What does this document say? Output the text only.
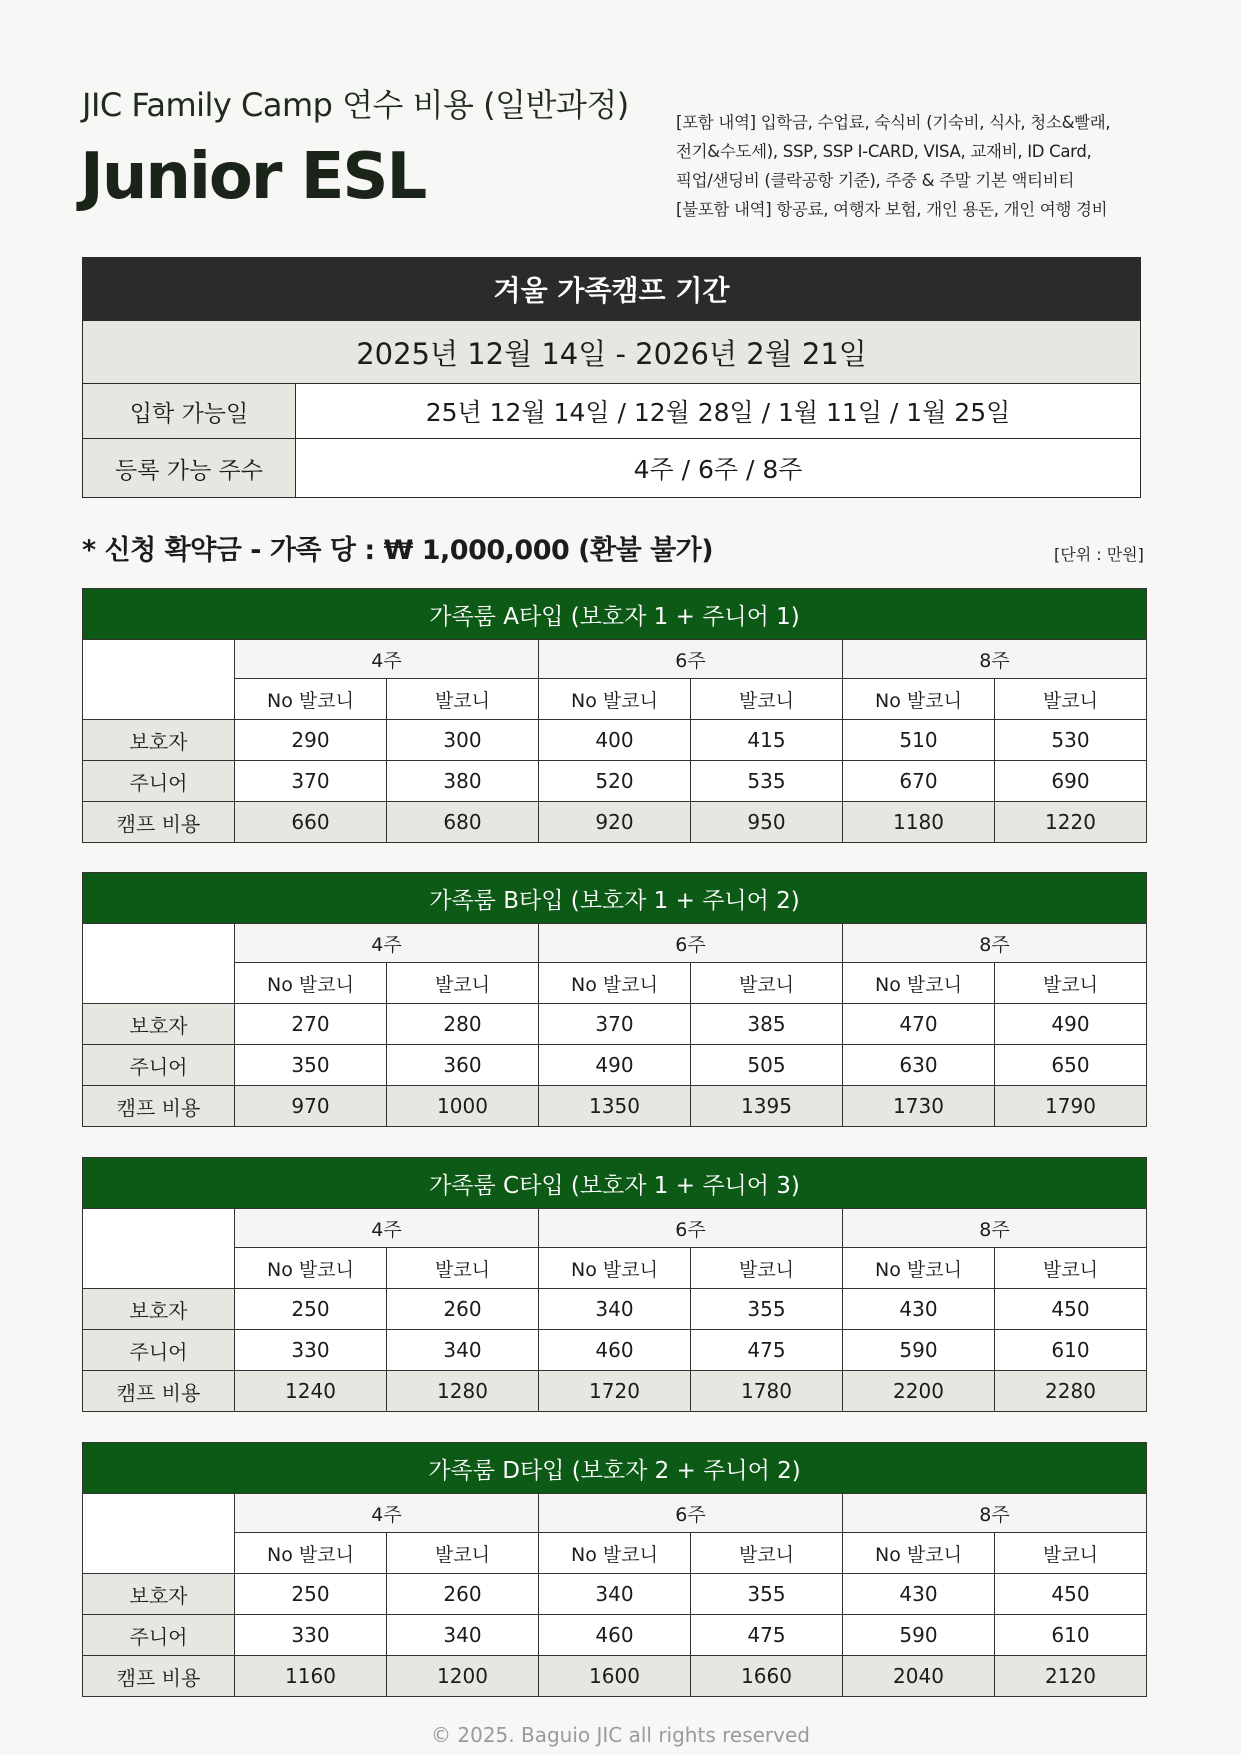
JIC Family Camp 연수 비용 (일반과정)
Junior ESL
[포함 내역] 입학금, 수업료, 숙식비 (기숙비, 식사, 청소&빨래,
전기&수도세), SSP, SSP I-CARD, VISA, 교재비, ID Card,
픽업/샌딩비 (클락공항 기준), 주중 & 주말 기본 액티비티
[불포함 내역] 항공료, 여행자 보험, 개인 용돈, 개인 여행 경비
겨울 가족캠프 기간	
2025년 12월 14일 - 2026년 2월 21일	
입학 가능일	25년 12월 14일 / 12월 28일 / 1월 11일 / 1월 25일
등록 가능 주수	4주 / 6주 / 8주
* 신청 확약금 - 가족 당 : ₩ 1,000,000 (환불 불가)	[단위 : 만원]
가족룸 A타입 (보호자 1 + 주니어 1)						
	4주		6주		8주	
	No 발코니	발코니	No 발코니	발코니	No 발코니	발코니
보호자	290	300	400	415	510	530
주니어	370	380	520	535	670	690
캠프 비용	660	680	920	950	1180	1220
가족룸 B타입 (보호자 1 + 주니어 2)						
	4주		6주		8주	
	No 발코니	발코니	No 발코니	발코니	No 발코니	발코니
보호자	270	280	370	385	470	490
주니어	350	360	490	505	630	650
캠프 비용	970	1000	1350	1395	1730	1790
가족룸 C타입 (보호자 1 + 주니어 3)						
	4주		6주		8주	
	No 발코니	발코니	No 발코니	발코니	No 발코니	발코니
보호자	250	260	340	355	430	450
주니어	330	340	460	475	590	610
캠프 비용	1240	1280	1720	1780	2200	2280
가족룸 D타입 (보호자 2 + 주니어 2)						
	4주		6주		8주	
	No 발코니	발코니	No 발코니	발코니	No 발코니	발코니
보호자	250	260	340	355	430	450
주니어	330	340	460	475	590	610
캠프 비용	1160	1200	1600	1660	2040	2120
© 2025. Baguio JIC all rights reserved
